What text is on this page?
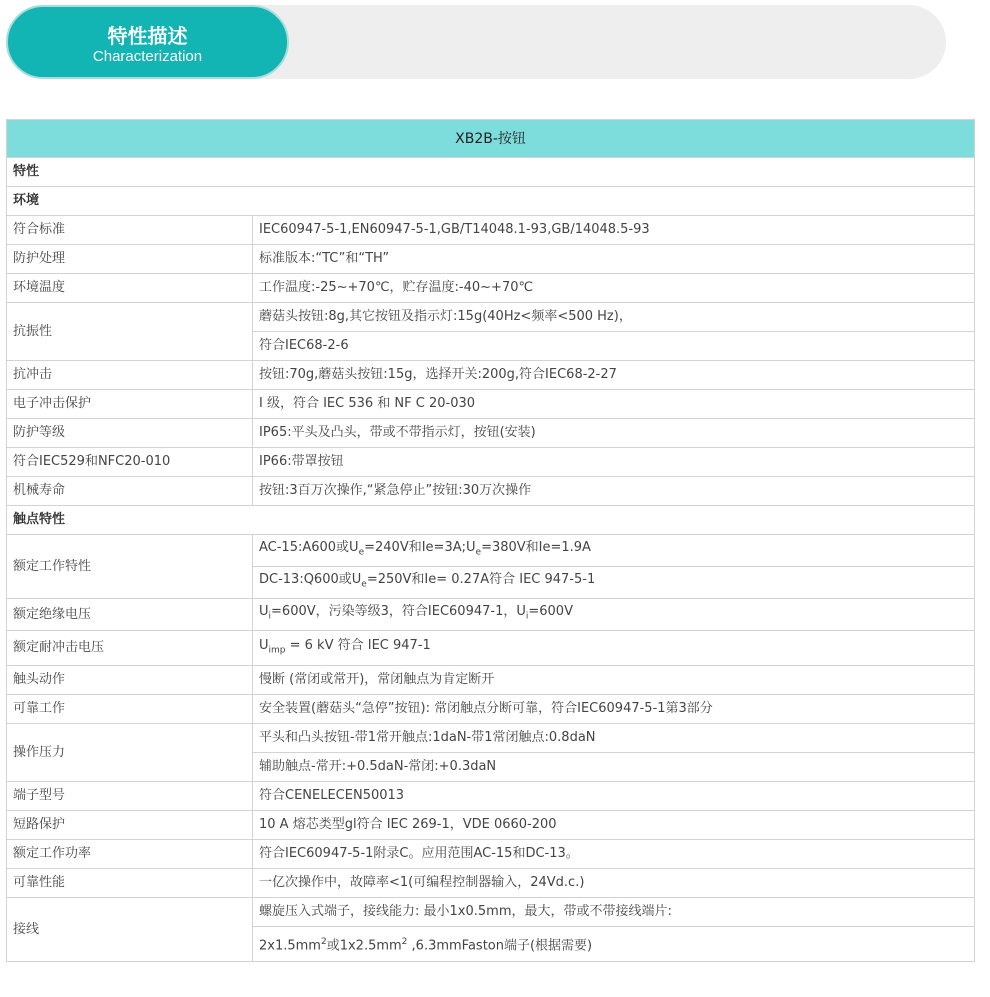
特性描述
Characterization
XB2B-按钮	
特性	
环境	
符合标准	IEC60947-5-1,EN60947-5-1,GB/T14048.1-93,GB/14048.5-93
防护处理	标准版本:“TC”和“TH”
环境温度	工作温度:-25~+70℃，贮存温度:-40~+70℃
抗振性	蘑菇头按钮:8g,其它按钮及指示灯:15g(40Hz<频率<500 Hz)，
	符合IEC68-2-6
抗冲击	按钮:70g,蘑菇头按钮:15g，选择开关:200g,符合IEC68-2-27
电子冲击保护	I 级，符合 IEC 536 和 NF C 20-030
防护等级	IP65:平头及凸头，带或不带指示灯，按钮(安装)
符合IEC529和NFC20-010	IP66:带罩按钮
机械寿命	按钮:3百万次操作,“紧急停止”按钮:30万次操作
触点特性	
额定工作特性	AC-15:A600或$U_e=240V$和$Ie=3A;U_e=380V$和Ie=1.9A
	DC-13:Q600或$U_e=250V$和Ie= 0.27A符合 IEC 947-5-1
额定绝缘电压	$U_i=600V$，污染等级3，符合IEC60947-1，$U_i=600V$
额定耐冲击电压	$U_{imp} = 6$ kV 符合 IEC 947-1
触头动作	慢断 (常闭或常开)，常闭触点为肯定断开
可靠工作	安全装置(蘑菇头“急停”按钮): 常闭触点分断可靠，符合IEC60947-5-1第3部分
操作压力	平头和凸头按钮-带1常开触点:1daN-带1常闭触点:0.8daN
	辅助触点-常开:+0.5daN-常闭:+0.3daN
端子型号	符合CENELECEN50013
短路保护	10 A 熔芯类型gl符合 IEC 269-1，VDE 0660-200
额定工作功率	符合IEC60947-5-1附录C。应用范围AC-15和DC-13。
可靠性能	一亿次操作中，故障率<1(可编程控制器输入，24Vd.c.)
接线	螺旋压入式端子，接线能力: 最小1x0.5mm，最大，带或不带接线端片:
	$2x1.5mm^2$或$1x2.5mm^2$ ,6.3mmFaston端子(根据需要)
